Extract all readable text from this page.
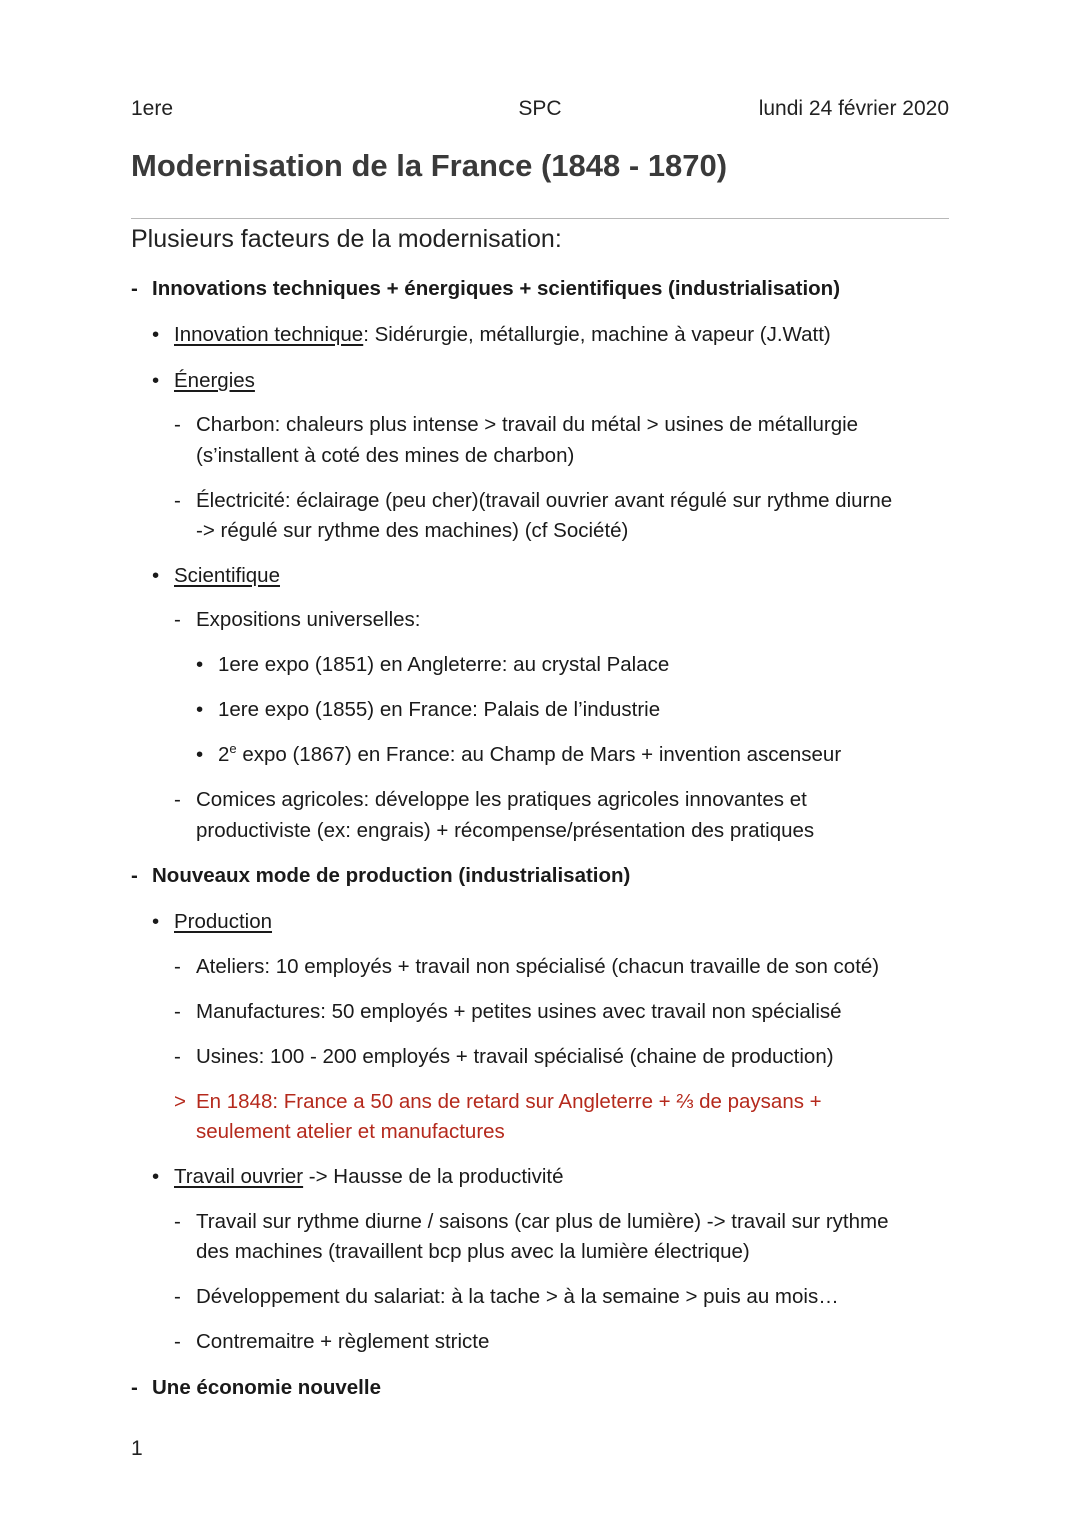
1ere	SPC	lundi 24 février 2020
Modernisation de la France (1848 - 1870)
Plusieurs facteurs de la modernisation:
- Innovations techniques + énergiques + scientifiques (industrialisation)
• Innovation technique: Sidérurgie, métallurgie, machine à vapeur (J.Watt)
• Énergies
- Charbon: chaleurs plus intense > travail du métal > usines de métallurgie
(s’installent à coté des mines de charbon)
- Électricité: éclairage (peu cher)(travail ouvrier avant régulé sur rythme diurne
-> régulé sur rythme des machines) (cf Société)
• Scientifique
- Expositions universelles:
• 1ere expo (1851) en Angleterre: au crystal Palace
• 1ere expo (1855) en France: Palais de l’industrie
• 2e expo (1867) en France: au Champ de Mars + invention ascenseur
- Comices agricoles: développe les pratiques agricoles innovantes et
productiviste (ex: engrais) + récompense/présentation des pratiques
- Nouveaux mode de production (industrialisation)
• Production
- Ateliers: 10 employés + travail non spécialisé (chacun travaille de son coté)
- Manufactures: 50 employés + petites usines avec travail non spécialisé
- Usines: 100 - 200 employés + travail spécialisé (chaine de production)
> En 1848: France a 50 ans de retard sur Angleterre + ⅔ de paysans +
seulement atelier et manufactures
• Travail ouvrier -> Hausse de la productivité
- Travail sur rythme diurne / saisons (car plus de lumière) -> travail sur rythme
des machines (travaillent bcp plus avec la lumière électrique)
- Développement du salariat: à la tache > à la semaine > puis au mois…
- Contremaitre + règlement stricte
- Une économie nouvelle
1
